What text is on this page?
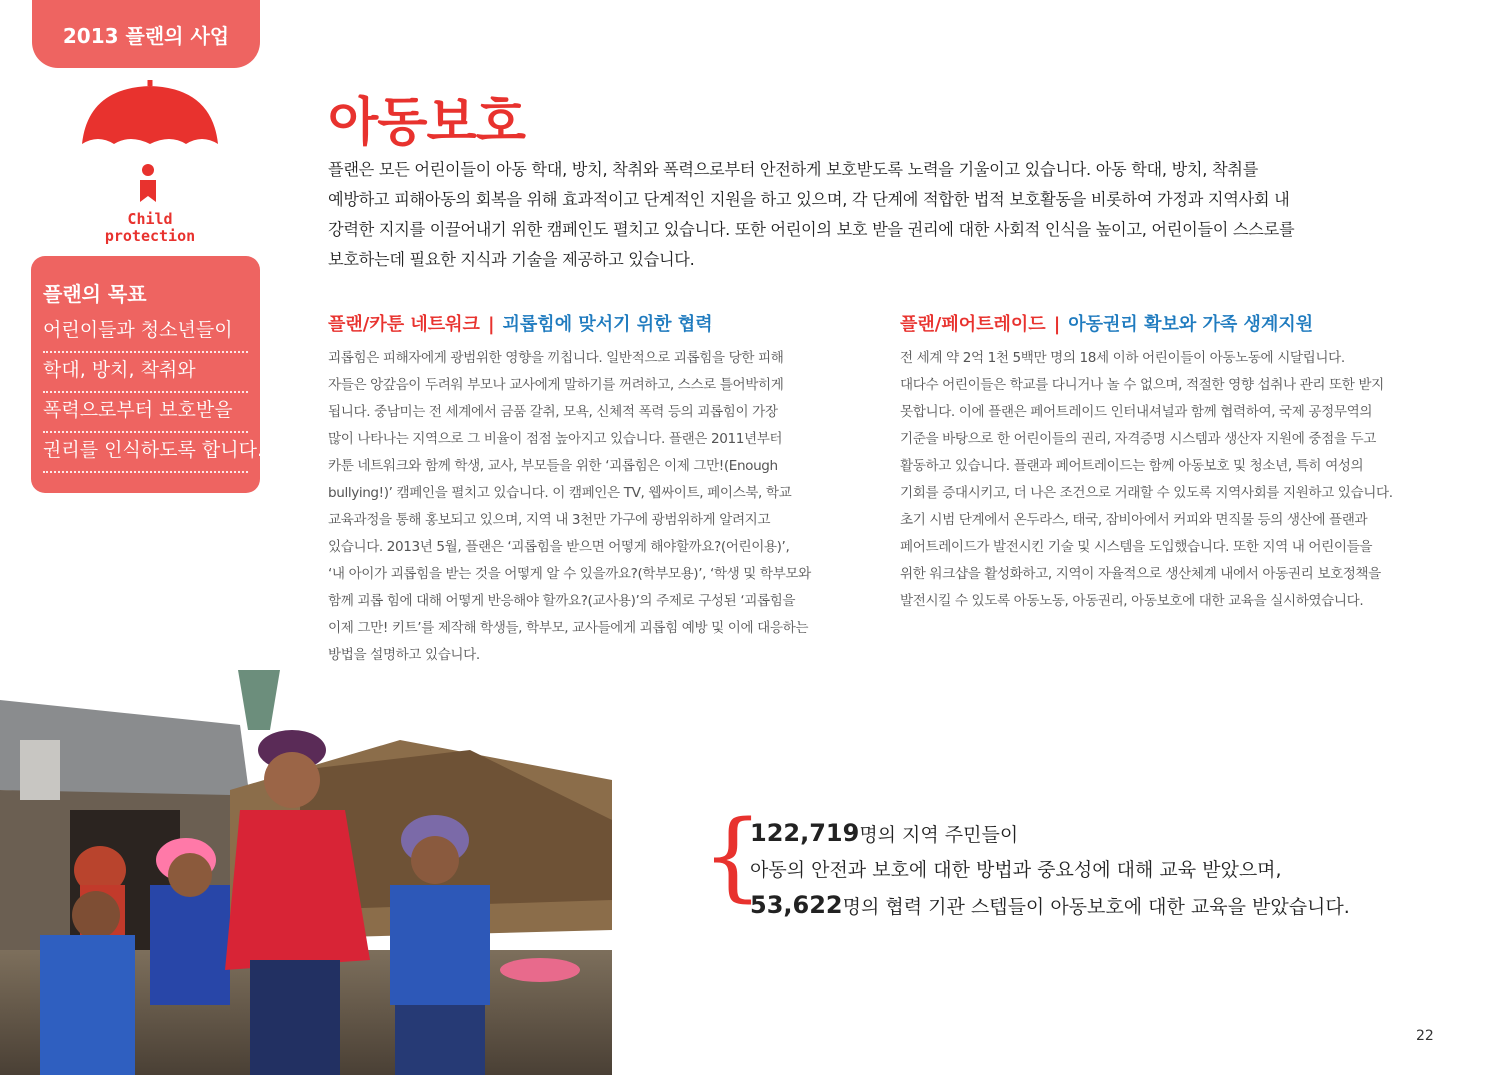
2013 플랜의 사업
Child
protection
플랜의 목표
어린이들과 청소년들이
학대, 방치, 착취와
폭력으로부터 보호받을
권리를 인식하도록 합니다.
아동보호
플랜은 모든 어린이들이 아동 학대, 방치, 착취와 폭력으로부터 안전하게 보호받도록 노력을 기울이고 있습니다. 아동 학대, 방치, 착취를
예방하고 피해아동의 회복을 위해 효과적이고 단계적인 지원을 하고 있으며, 각 단계에 적합한 법적 보호활동을 비롯하여 가정과 지역사회 내
강력한 지지를 이끌어내기 위한 캠페인도 펼치고 있습니다. 또한 어린이의 보호 받을 권리에 대한 사회적 인식을 높이고, 어린이들이 스스로를
보호하는데 필요한 지식과 기술을 제공하고 있습니다.
플랜/카툰 네트워크 | 괴롭힘에 맞서기 위한 협력
괴롭힘은 피해자에게 광범위한 영향을 끼칩니다. 일반적으로 괴롭힘을 당한 피해
자들은 앙갚음이 두려워 부모나 교사에게 말하기를 꺼려하고, 스스로 틀어박히게
됩니다. 중남미는 전 세계에서 금품 갈취, 모욕, 신체적 폭력 등의 괴롭힘이 가장
많이 나타나는 지역으로 그 비율이 점점 높아지고 있습니다. 플랜은 2011년부터
카툰 네트워크와 함께 학생, 교사, 부모들을 위한 ‘괴롭힘은 이제 그만!(Enough
bullying!)’ 캠페인을 펼치고 있습니다. 이 캠페인은 TV, 웹싸이트, 페이스북, 학교
교육과정을 통해 홍보되고 있으며, 지역 내 3천만 가구에 광범위하게 알려지고
있습니다. 2013년 5월, 플랜은 ‘괴롭힘을 받으면 어떻게 해야할까요?(어린이용)’,
‘내 아이가 괴롭힘을 받는 것을 어떻게 알 수 있을까요?(학부모용)’, ‘학생 및 학부모와
함께 괴롭 힘에 대해 어떻게 반응해야 할까요?(교사용)’의 주제로 구성된 ‘괴롭힘을
이제 그만! 키트’를 제작해 학생들, 학부모, 교사들에게 괴롭힘 예방 및 이에 대응하는
방법을 설명하고 있습니다.
플랜/페어트레이드 | 아동권리 확보와 가족 생계지원
전 세계 약 2억 1천 5백만 명의 18세 이하 어린이들이 아동노동에 시달립니다.
대다수 어린이들은 학교를 다니거나 놀 수 없으며, 적절한 영향 섭취나 관리 또한 받지
못합니다. 이에 플랜은 페어트레이드 인터내셔널과 함께 협력하여, 국제 공정무역의
기준을 바탕으로 한 어린이들의 권리, 자격증명 시스템과 생산자 지원에 중점을 두고
활동하고 있습니다. 플랜과 페어트레이드는 함께 아동보호 및 청소년, 특히 여성의
기회를 증대시키고, 더 나은 조건으로 거래할 수 있도록 지역사회를 지원하고 있습니다.
초기 시범 단계에서 온두라스, 태국, 잠비아에서 커피와 면직물 등의 생산에 플랜과
페어트레이드가 발전시킨 기술 및 시스템을 도입했습니다. 또한 지역 내 어린이들을
위한 워크샵을 활성화하고, 지역이 자율적으로 생산체계 내에서 아동권리 보호정책을
발전시킬 수 있도록 아동노동, 아동권리, 아동보호에 대한 교육을 실시하였습니다.
{
122,719명의 지역 주민들이
아동의 안전과 보호에 대한 방법과 중요성에 대해 교육 받았으며,
53,622명의 협력 기관 스텝들이 아동보호에 대한 교육을 받았습니다.
22
